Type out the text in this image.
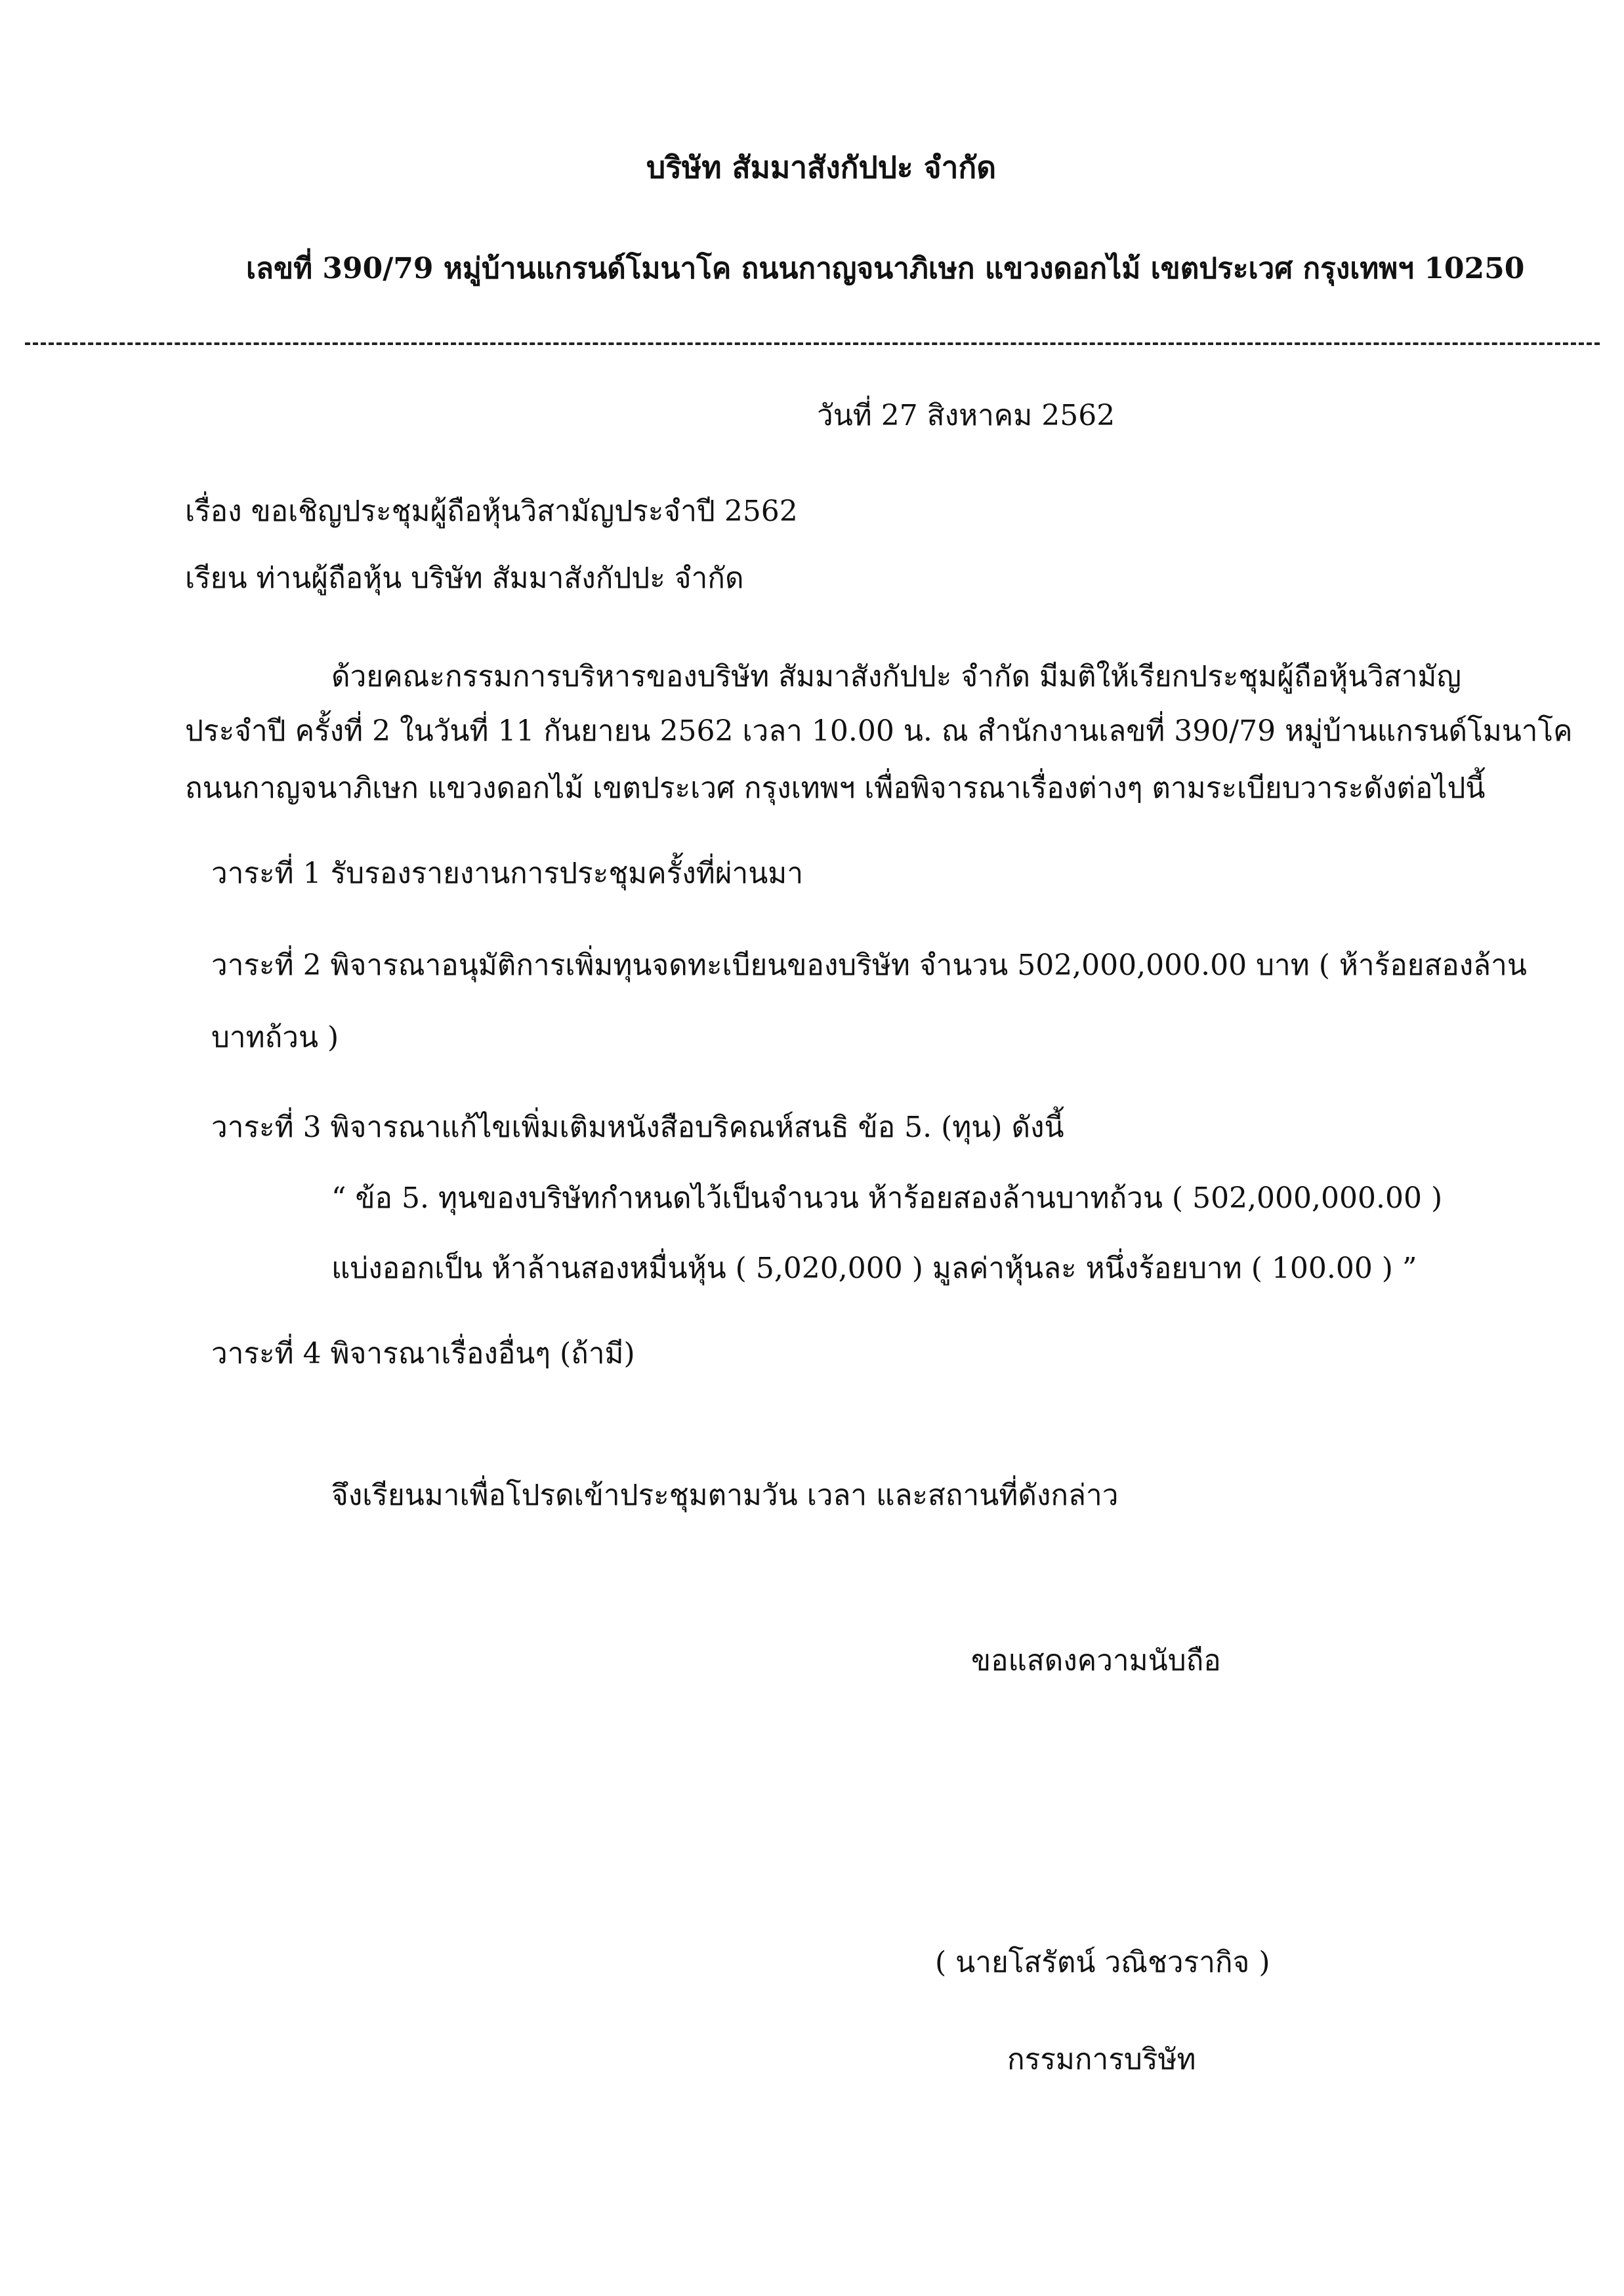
บริษัท สัมมาสังกัปปะ จำกัด
เลขที่ 390/79 หมู่บ้านแกรนด์โมนาโค ถนนกาญจนาภิเษก แขวงดอกไม้ เขตประเวศ กรุงเทพฯ 10250
วันที่ 27 สิงหาคม 2562
เรื่อง ขอเชิญประชุมผู้ถือหุ้นวิสามัญประจำปี 2562
เรียน ท่านผู้ถือหุ้น บริษัท สัมมาสังกัปปะ จำกัด
ด้วยคณะกรรมการบริหารของบริษัท สัมมาสังกัปปะ จำกัด มีมติให้เรียกประชุมผู้ถือหุ้นวิสามัญ
ประจำปี ครั้งที่ 2 ในวันที่ 11 กันยายน 2562 เวลา 10.00 น. ณ สำนักงานเลขที่ 390/79 หมู่บ้านแกรนด์โมนาโค
ถนนกาญจนาภิเษก แขวงดอกไม้ เขตประเวศ กรุงเทพฯ เพื่อพิจารณาเรื่องต่างๆ ตามระเบียบวาระดังต่อไปนี้
วาระที่ 1 รับรองรายงานการประชุมครั้งที่ผ่านมา
วาระที่ 2 พิจารณาอนุมัติการเพิ่มทุนจดทะเบียนของบริษัท จำนวน 502,000,000.00 บาท ( ห้าร้อยสองล้าน
บาทถ้วน )
วาระที่ 3 พิจารณาแก้ไขเพิ่มเติมหนังสือบริคณห์สนธิ ข้อ 5. (ทุน) ดังนี้
“ ข้อ 5. ทุนของบริษัทกำหนดไว้เป็นจำนวน ห้าร้อยสองล้านบาทถ้วน ( 502,000,000.00 )
แบ่งออกเป็น ห้าล้านสองหมื่นหุ้น ( 5,020,000 ) มูลค่าหุ้นละ หนึ่งร้อยบาท ( 100.00 ) ”
วาระที่ 4 พิจารณาเรื่องอื่นๆ (ถ้ามี)
จึงเรียนมาเพื่อโปรดเข้าประชุมตามวัน เวลา และสถานที่ดังกล่าว
ขอแสดงความนับถือ
( นายโสรัตน์ วณิชวรากิจ )
กรรมการบริษัท
